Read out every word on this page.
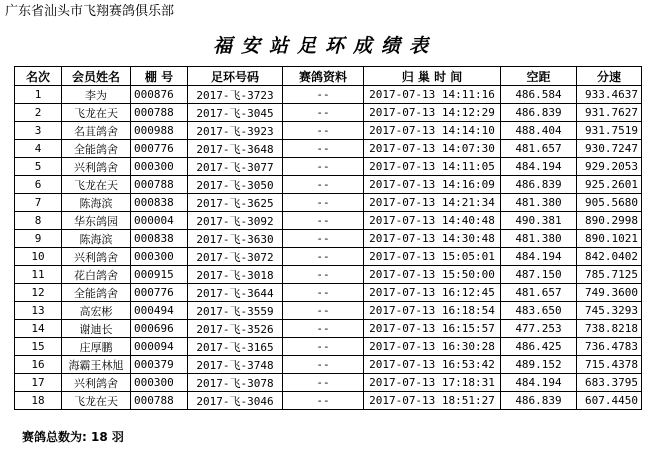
广东省汕头市飞翔赛鸽俱乐部
福安站足环成绩表
名次	会员姓名	棚 号	足环号码	赛鸽资料	归 巢 时 间	空距	分速
1	李为	000876	2017-飞-3723	--	2017-07-13 14:11:16	486.584	933.4637
2	飞龙在天	000788	2017-飞-3045	--	2017-07-13 14:12:29	486.839	931.7627
3	名苴鸽舍	000988	2017-飞-3923	--	2017-07-13 14:14:10	488.404	931.7519
4	全能鸽舍	000776	2017-飞-3648	--	2017-07-13 14:07:30	481.657	930.7247
5	兴利鸽舍	000300	2017-飞-3077	--	2017-07-13 14:11:05	484.194	929.2053
6	飞龙在天	000788	2017-飞-3050	--	2017-07-13 14:16:09	486.839	925.2601
7	陈海滨	000838	2017-飞-3625	--	2017-07-13 14:21:34	481.380	905.5680
8	华东鸽园	000004	2017-飞-3092	--	2017-07-13 14:40:48	490.381	890.2998
9	陈海滨	000838	2017-飞-3630	--	2017-07-13 14:30:48	481.380	890.1021
10	兴利鸽舍	000300	2017-飞-3072	--	2017-07-13 15:05:01	484.194	842.0402
11	花白鸽舍	000915	2017-飞-3018	--	2017-07-13 15:50:00	487.150	785.7125
12	全能鸽舍	000776	2017-飞-3644	--	2017-07-13 16:12:45	481.657	749.3600
13	高宏彬	000494	2017-飞-3559	--	2017-07-13 16:18:54	483.650	745.3293
14	谢迪长	000696	2017-飞-3526	--	2017-07-13 16:15:57	477.253	738.8218
15	庄厚鹏	000094	2017-飞-3165	--	2017-07-13 16:30:28	486.425	736.4783
16	海霸王林旭	000379	2017-飞-3748	--	2017-07-13 16:53:42	489.152	715.4378
17	兴利鸽舍	000300	2017-飞-3078	--	2017-07-13 17:18:31	484.194	683.3795
18	飞龙在天	000788	2017-飞-3046	--	2017-07-13 18:51:27	486.839	607.4450
赛鸽总数为: 18 羽
